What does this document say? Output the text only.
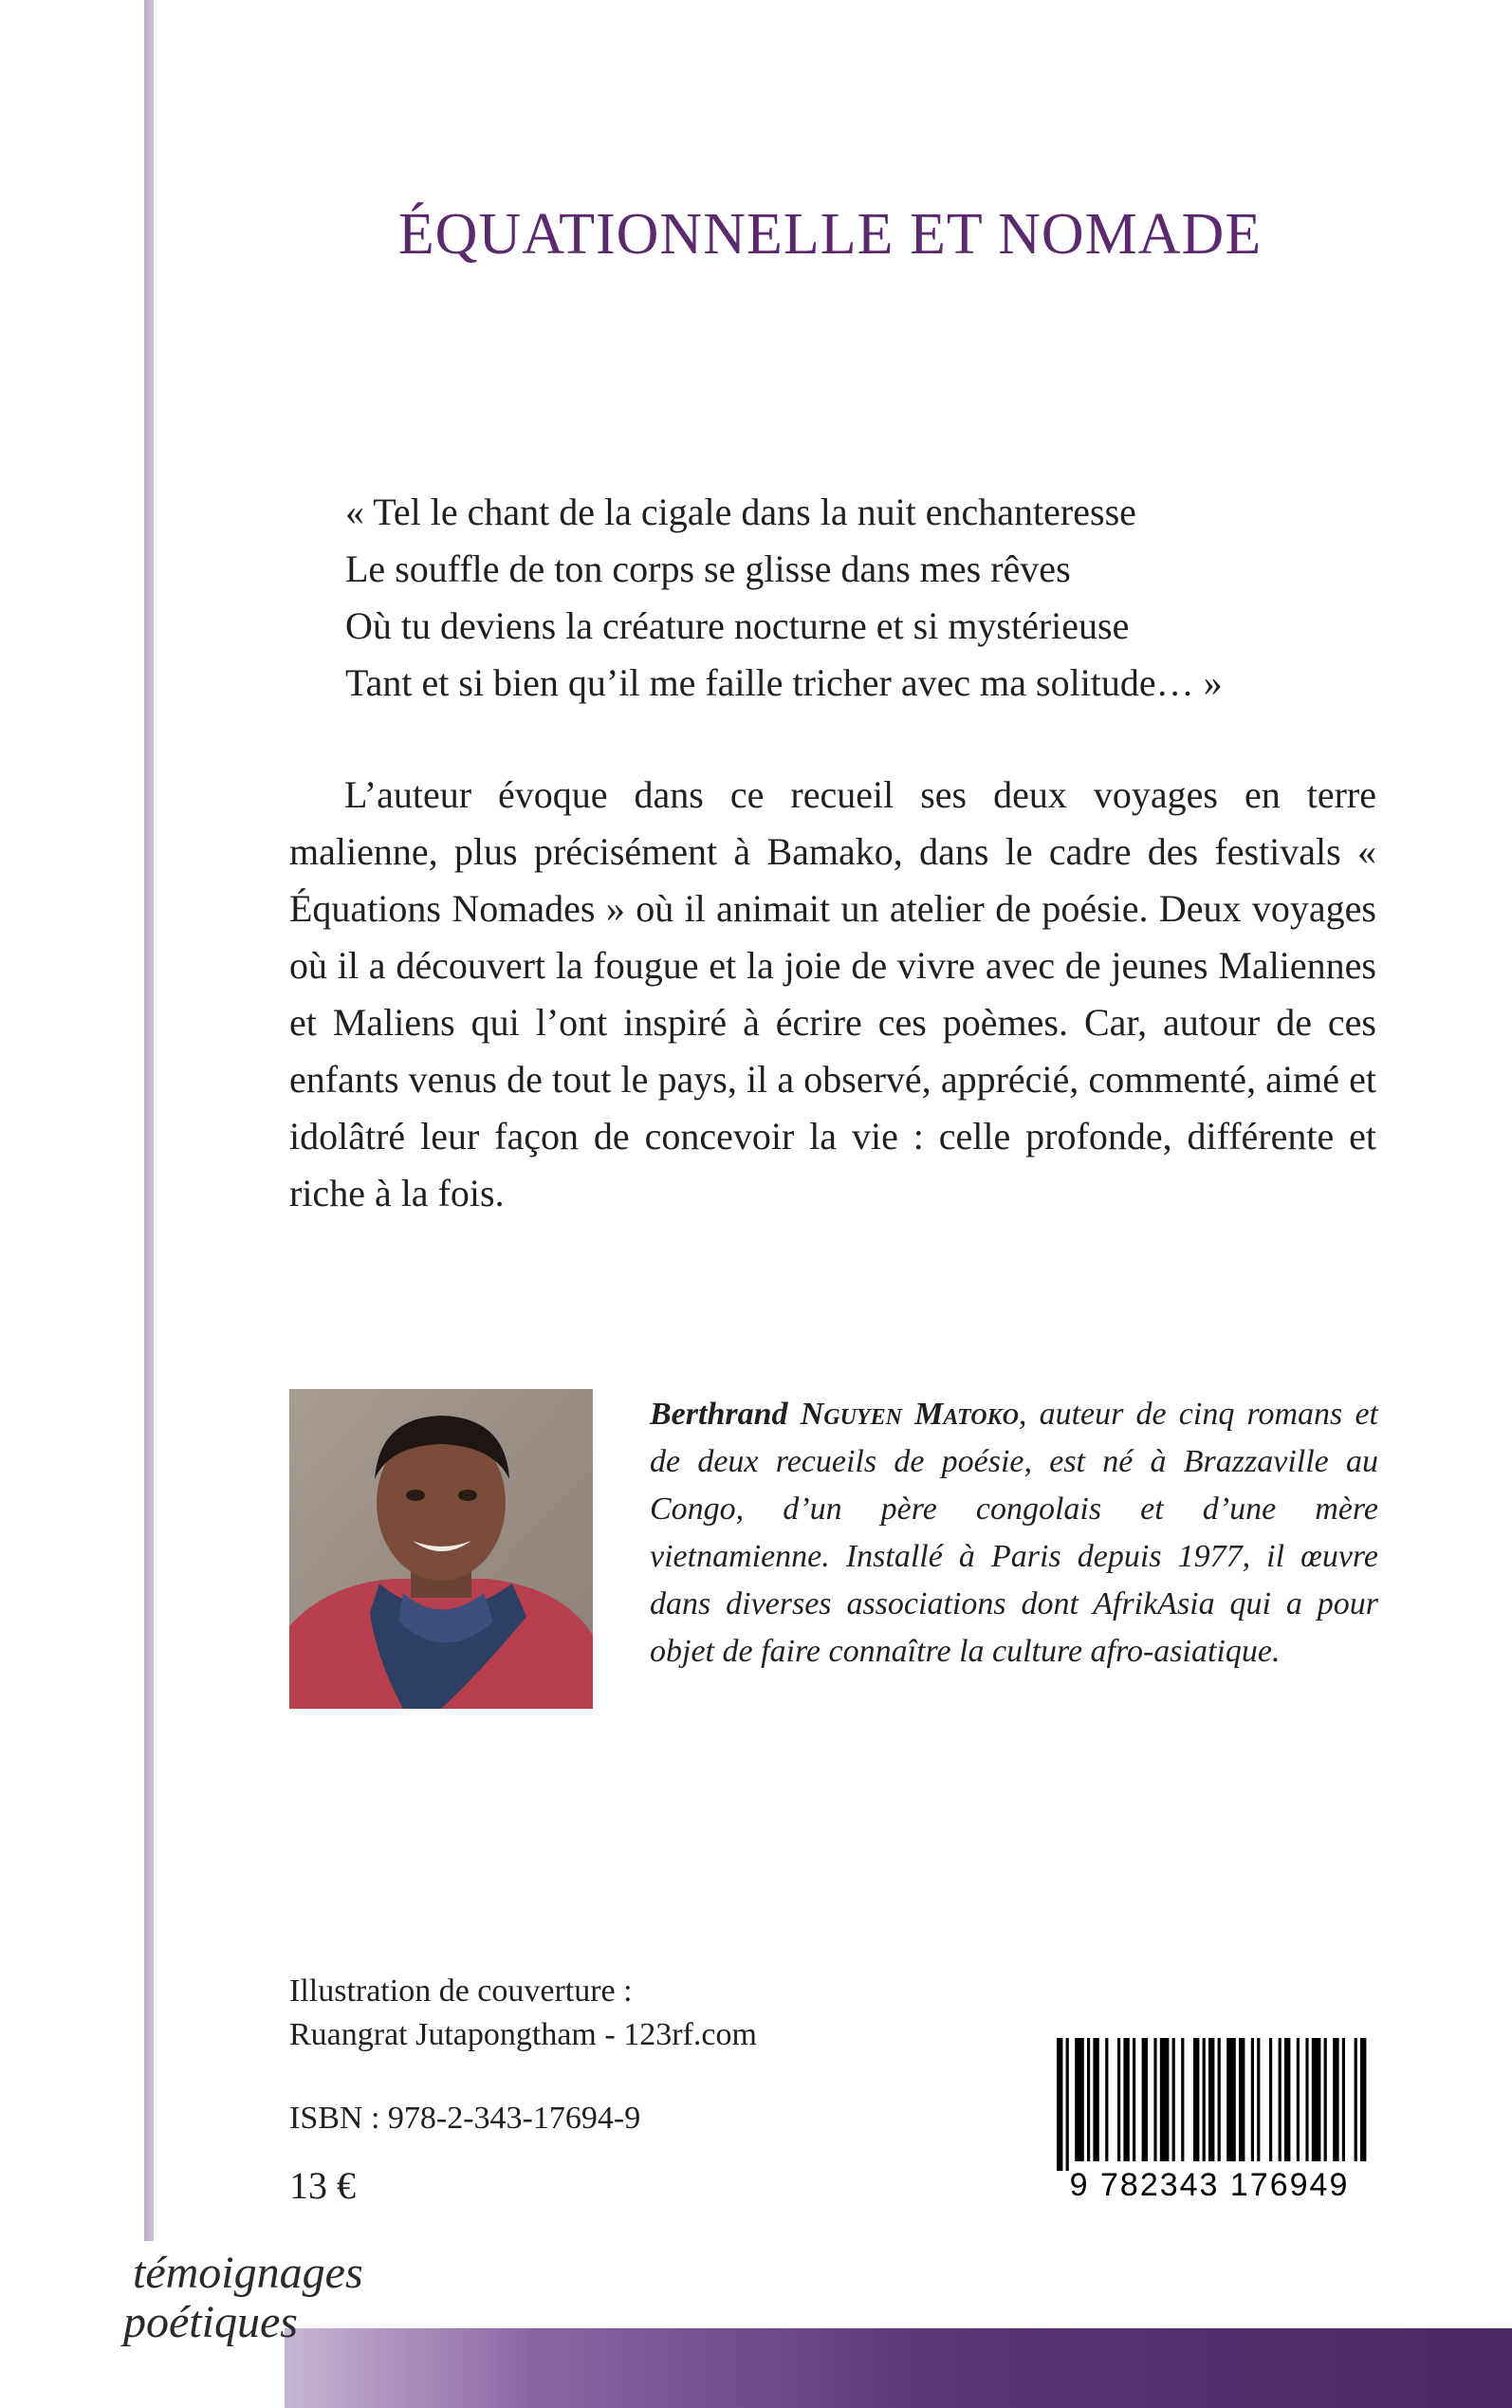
ÉQUATIONNELLE ET NOMADE
« Tel le chant de la cigale dans la nuit enchanteresse
Le souffle de ton corps se glisse dans mes rêves
Où tu deviens la créature nocturne et si mystérieuse
Tant et si bien qu’il me faille tricher avec ma solitude… »

L’auteur évoque dans ce recueil ses deux voyages en terre malienne, plus précisément à Bamako, dans le cadre des festivals « Équations Nomades » où il animait un atelier de poésie. Deux voyages où il a découvert la fougue et la joie de vivre avec de jeunes Maliennes et Maliens qui l’ont inspiré à écrire ces poèmes. Car, autour de ces enfants venus de tout le pays, il a observé, apprécié, commenté, aimé et idolâtré leur façon de concevoir la vie : celle profonde, différente et riche à la fois.

Berthrand Nguyen Matoko, auteur de cinq romans et de deux recueils de poésie, est né à Brazzaville au Congo, d’un père congolais et d’une mère vietnamienne. Installé à Paris depuis 1977, il œuvre dans diverses associations dont AfrikAsia qui a pour objet de faire connaître la culture afro-asiatique.

Illustration de couverture :
Ruangrat Jutapongtham - 123rf.com
ISBN : 978-2-343-17694-9
13 €	9 782343 176949
témoignages
poétiques
